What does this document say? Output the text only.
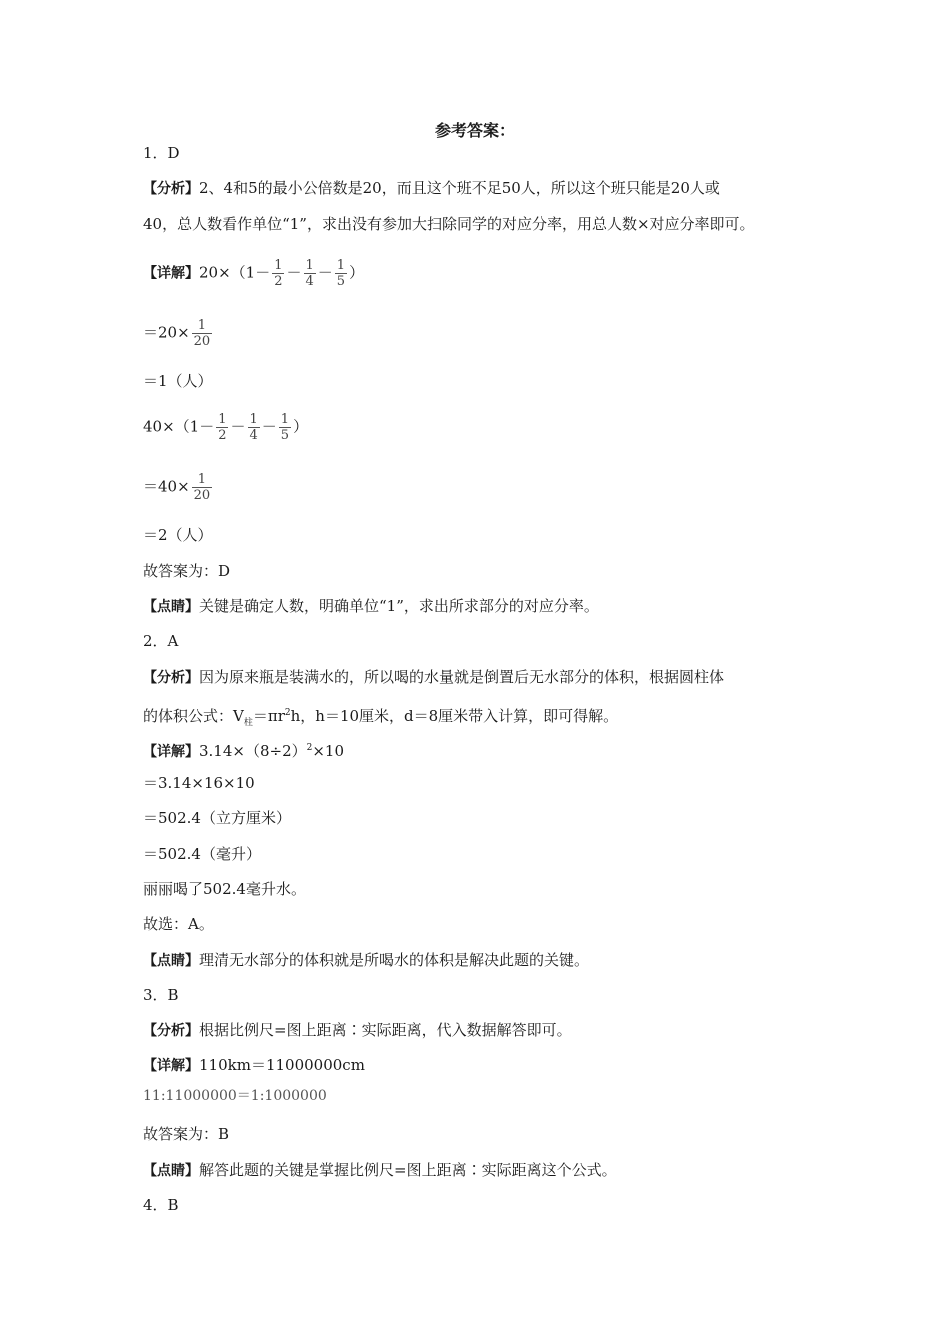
参考答案：
1．D
【分析】2、4和5的最小公倍数是20，而且这个班不足50人，所以这个班只能是20人或
40，总人数看作单位“1”，求出没有参加大扫除同学的对应分率，用总人数×对应分率即可。
【详解】$20\times(1- \frac{1}{2} - \frac{1}{4} - \frac{1}{5}$ ）
$=20\times \frac{1}{20}$
＝1（人）
$40\times(1- \frac{1}{2} - \frac{1}{4} - \frac{1}{5}$ ）
$=40\times \frac{1}{20}$
＝2（人）
故答案为：D
【点睛】关键是确定人数，明确单位“1”，求出所求部分的对应分率。
2．A
【分析】因为原来瓶是装满水的，所以喝的水量就是倒置后无水部分的体积，根据圆柱体
的体积公式：$V_柱=\pi r^2h$，h＝10厘米，d＝8厘米带入计算，即可得解。
【详解】$3.14\times(8\div 2)^2\times 10$
＝3.14×16×10
＝502.4（立方厘米）
＝502.4（毫升）
丽丽喝了502.4毫升水。
故选：A。
【点睛】理清无水部分的体积就是所喝水的体积是解决此题的关键。
3．B
【分析】根据比例尺=图上距离∶实际距离，代入数据解答即可。
【详解】110km＝11000000cm
11:11000000＝1:1000000
故答案为：B
【点睛】解答此题的关键是掌握比例尺=图上距离∶实际距离这个公式。
4．B
